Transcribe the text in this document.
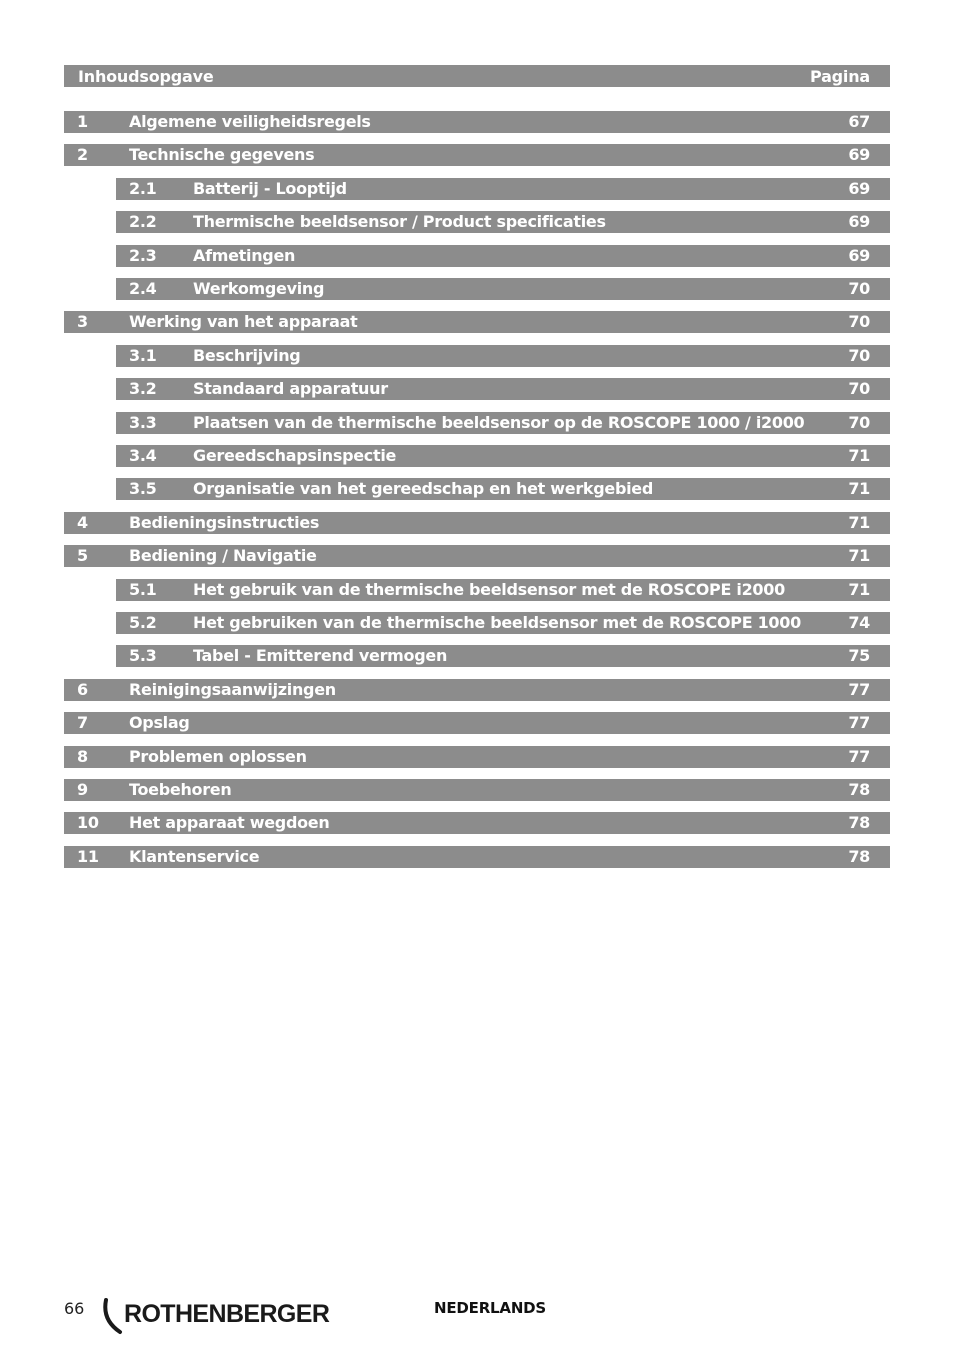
Inhoudsopgave	Pagina
1	Algemene veiligheidsregels	67
2	Technische gegevens	69
2.1 Batterij - Looptijd	69
2.2 Thermische beeldsensor / Product specificaties	69
2.3 Afmetingen	69
2.4 Werkomgeving	70
3	Werking van het apparaat	70
3.1 Beschrijving	70
3.2 Standaard apparatuur	70
3.3 Plaatsen van de thermische beeldsensor op de ROSCOPE 1000 / i2000	70
3.4 Gereedschapsinspectie	71
3.5 Organisatie van het gereedschap en het werkgebied	71
4	Bedieningsinstructies	71
5	Bediening / Navigatie	71
5.1 Het gebruik van de thermische beeldsensor met de ROSCOPE i2000	71
5.2 Het gebruiken van de thermische beeldsensor met de ROSCOPE 1000	74
5.3 Tabel - Emitterend vermogen	75
6	Reinigingsaanwijzingen	77
7	Opslag	77
8	Problemen oplossen	77
9	Toebehoren	78
10 Het apparaat wegdoen	78
11 Klantenservice	78
66 ROTHENBERGER	NEDERLANDS
